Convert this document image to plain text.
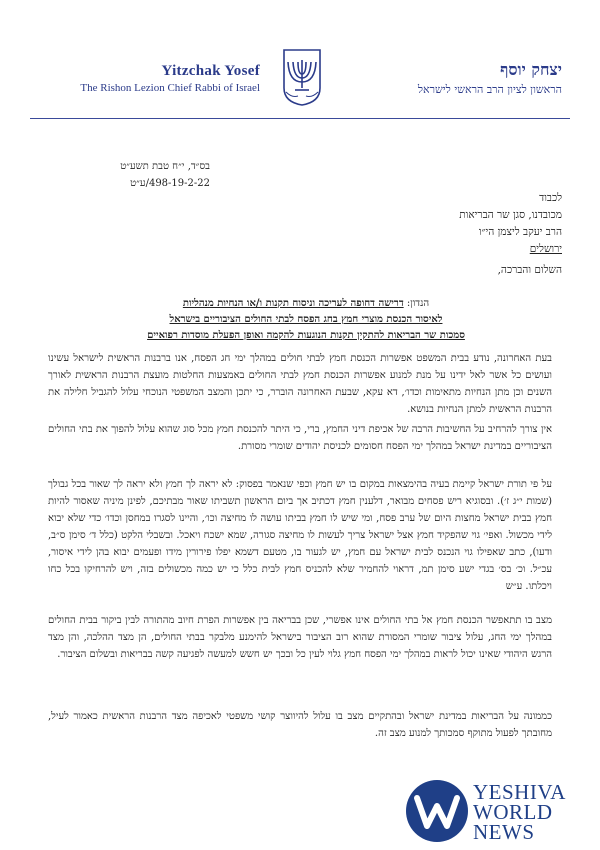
Yitzchak Yosef
The Rishon Lezion Chief Rabbi of Israel
יצחק יוסף
הראשון לציון הרב הראשי לישראל
בס״ד, י״ח טבת תשע״ט
498-19-2-22/ע״ט
לכבוד
מכובדנו, סגן שר הבריאות
הרב יעקב ליצמן הי״ו
ירושלים
השלום והברכה,
הנדון: דרישה דחופה לעריכה וניסוח תקנות ו/או הנחיות מנהליות
לאיסור הכנסת מוצרי חמץ בחג הפסח לבתי החולים הציבוריים בישראל
סמכות שר הבריאות להתקין תקנות הנוגעות להקמה ואופן הפעלת מוסדות רפואיים
בעת האחרונה, נודע בבית המשפט אפשרות הכנסת חמץ לבתי חולים במהלך ימי חג הפסח, אנו ברבנות הראשית לישראל עשינו ועושים כל אשר לאל ידינו על מנת למנוע אפשרות הכנסת חמץ לבתי החולים באמצעות החלטות מועצת הרבנות הראשית לאורך השנים וכן מתן הנחיות מתאימות וכדו׳, דא עקא, שבעת האחרונה הוברר, כי יתכן והמצב המשפטי הנוכחי עלול להגביל חלילה את הרבנות הראשית למתן הנחיות בנושא.
אין צורך להרחיב על החשיבות הרבה של אכיפת דיני החמץ, ברי, כי היתר להכנסת חמץ מכל סוג שהוא עלול להפוך את בתי החולים הציבוריים במדינת ישראל במהלך ימי הפסח חסומים לכניסת יהודים שומרי מסורת.
על פי תורת ישראל קיימת בעיה בהימצאות במקום בו יש חמץ וכפי שנאמר בפסוק: לא יראה לך חמץ ולא יראה לך שאור בכל גבולך (שמות י״ג ז׳). ובסוגיא ריש פסחים מבואר, דלענין חמץ דכתיב אך ביום הראשון תשביתו שאור מבתיכם, לפינן מיניה שאסור להיות חמץ בבית ישראל מחצות היום של ערב פסח, ומי שיש לו חמץ בביתו עושה לו מחיצה וכו׳, והיינו לסגרו במחסן וכדו׳ כדי שלא יבוא לידי מכשול. ואפי׳ גוי שהפקיד חמץ אצל ישראל צריך לעשות לו מחיצה סגורה, שמא ישכח ויאכל. ובשבלי הלקט (כלל ד׳ סימן ס״ב, ודעו), כתב שאפילו גוי הנכנס לבית ישראל עם חמץ, יש לגעור בו, מטעם דשמא יפלו פירורין מידו ופעמים יבוא בהן לידי איסור, עכ״ל. וכ׳ בס׳ בגדי ישע סימן תמ, דראוי להחמיר שלא להכניס חמץ לבית כלל כי יש כמה מכשולים בזה, ויש להרחיקו בכל כחו ויכלתו. ע״ש
מצב בו תתאפשר הכנסת חמץ אל בתי החולים אינו אפשרי, שכן בבריאה בין אפשרות הפרת חיוב מהתורה לבין ביקור בבית החולים במהלך ימי החג, עלול ציבור שומרי המסורת שהוא רוב הציבור בישראל להימנע מלבקר בבתי החולים, הן מצד ההלכה, והן מצד הרגש היהודי שאינו יכול לראות במהלך ימי הפסח חמץ גלוי לעין כל ובכך יש חשש למעשה לפגיעה קשה בבריאות ובשלום הציבור.
כממונה על הבריאות במדינת ישראל ובהתקיים מצב בו עלול להיווצר קושי משפטי לאכיפה מצד הרבנות הראשית כאמור לעיל, מחובתך לפעול מתוקף סמכותך למנוע מצב זה.
YESHIVA
WORLD
NEWS
